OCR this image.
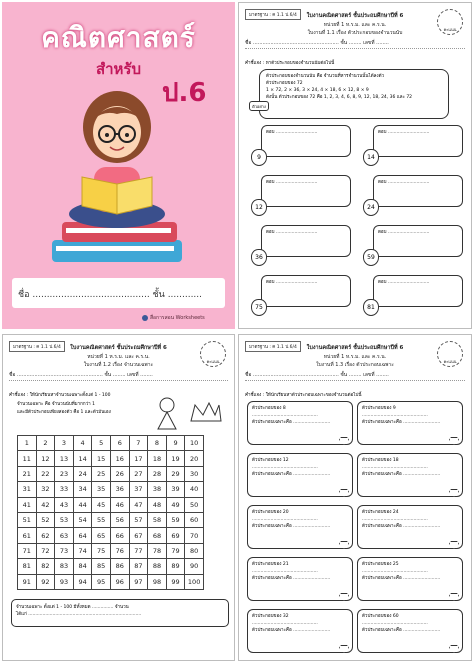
คณิตศาสตร์
สำหรับ
ป.6
ชื่อ ......................................... ชั้น ............
สื่อการสอน Worksheets
มาตรฐาน : ค 1.1 ป.6/4	ใบงานคณิตศาสตร์ ชั้นประถมศึกษาปีที่ 6
หน่วยที่ 1 ห.ร.ม. และ ค.ร.น.
ใบงานที่ 1.1 เรื่อง ตัวประกอบของจำนวนนับ
คะแนน
ชื่อ ...................................................... ชั้น ........ เลขที่ ........
คำชี้แจง : หาตัวประกอบของจำนวนนับต่อไปนี้
ตัวประกอบของจำนวนนับ คือ จำนวนที่หารจำนวนนั้นได้ลงตัว
ตัวประกอบของ 72
1 × 72, 2 × 36, 3 × 24, 4 × 18, 6 × 12, 8 × 9
ดังนั้น ตัวประกอบของ 72 คือ 1, 2, 3, 4, 6, 8, 9, 12, 18, 24, 36 และ 72
ตัวอย่าง
ตอบ .............................
9
ตอบ .............................
14
ตอบ .............................
12
ตอบ .............................
24
ตอบ .............................
36
ตอบ .............................
59
ตอบ .............................
75
ตอบ .............................
81
มาตรฐาน : ค 1.1 ป.6/4	ใบงานคณิตศาสตร์ ชั้นประถมศึกษาปีที่ 6
หน่วยที่ 1 ห.ร.ม. และ ค.ร.น.
ใบงานที่ 1.2 เรื่อง จำนวนเฉพาะ
คะแนน
ชื่อ ...................................................... ชั้น ........ เลขที่ ........
คำชี้แจง : ให้นักเรียนหาจำนวนเฉพาะตั้งแต่ 1 - 100
จำนวนเฉพาะ คือ จำนวนนับที่มากกว่า 1
และมีตัวประกอบเพียงสองตัว คือ 1 และตัวมันเอง
1	2	3	4	5	6	7	8	9	10
11	12	13	14	15	16	17	18	19	20
21	22	23	24	25	26	27	28	29	30
31	32	33	34	35	36	37	38	39	40
41	42	43	44	45	46	47	48	49	50
51	52	53	54	55	56	57	58	59	60
61	62	63	64	65	66	67	68	69	70
71	72	73	74	75	76	77	78	79	80
81	82	83	84	85	86	87	88	89	90
91	92	93	94	95	96	97	98	99	100
จำนวนเฉพาะ ตั้งแต่ 1 - 100 มีทั้งหมด ............... จำนวน
ได้แก่ ...............................................................................
มาตรฐาน : ค 1.1 ป.6/4	ใบงานคณิตศาสตร์ ชั้นประถมศึกษาปีที่ 6
หน่วยที่ 1 ห.ร.ม. และ ค.ร.น.
ใบงานที่ 1.3 เรื่อง ตัวประกอบเฉพาะ
คะแนน
ชื่อ ...................................................... ชั้น ........ เลขที่ ........
คำชี้แจง : ให้นักเรียนหาตัวประกอบเฉพาะของจำนวนต่อไปนี้
ตัวประกอบของ 8
..............................................
ตัวประกอบเฉพาะคือ ..........................
ตัวประกอบของ 9
..............................................
ตัวประกอบเฉพาะคือ ..........................
ตัวประกอบของ 12
..............................................
ตัวประกอบเฉพาะคือ ..........................
ตัวประกอบของ 18
..............................................
ตัวประกอบเฉพาะคือ ..........................
ตัวประกอบของ 20
..............................................
ตัวประกอบเฉพาะคือ ..........................
ตัวประกอบของ 24
..............................................
ตัวประกอบเฉพาะคือ ..........................
ตัวประกอบของ 21
..............................................
ตัวประกอบเฉพาะคือ ..........................
ตัวประกอบของ 25
..............................................
ตัวประกอบเฉพาะคือ ..........................
ตัวประกอบของ 32
..............................................
ตัวประกอบเฉพาะคือ ..........................
ตัวประกอบของ 60
..............................................
ตัวประกอบเฉพาะคือ ..........................
